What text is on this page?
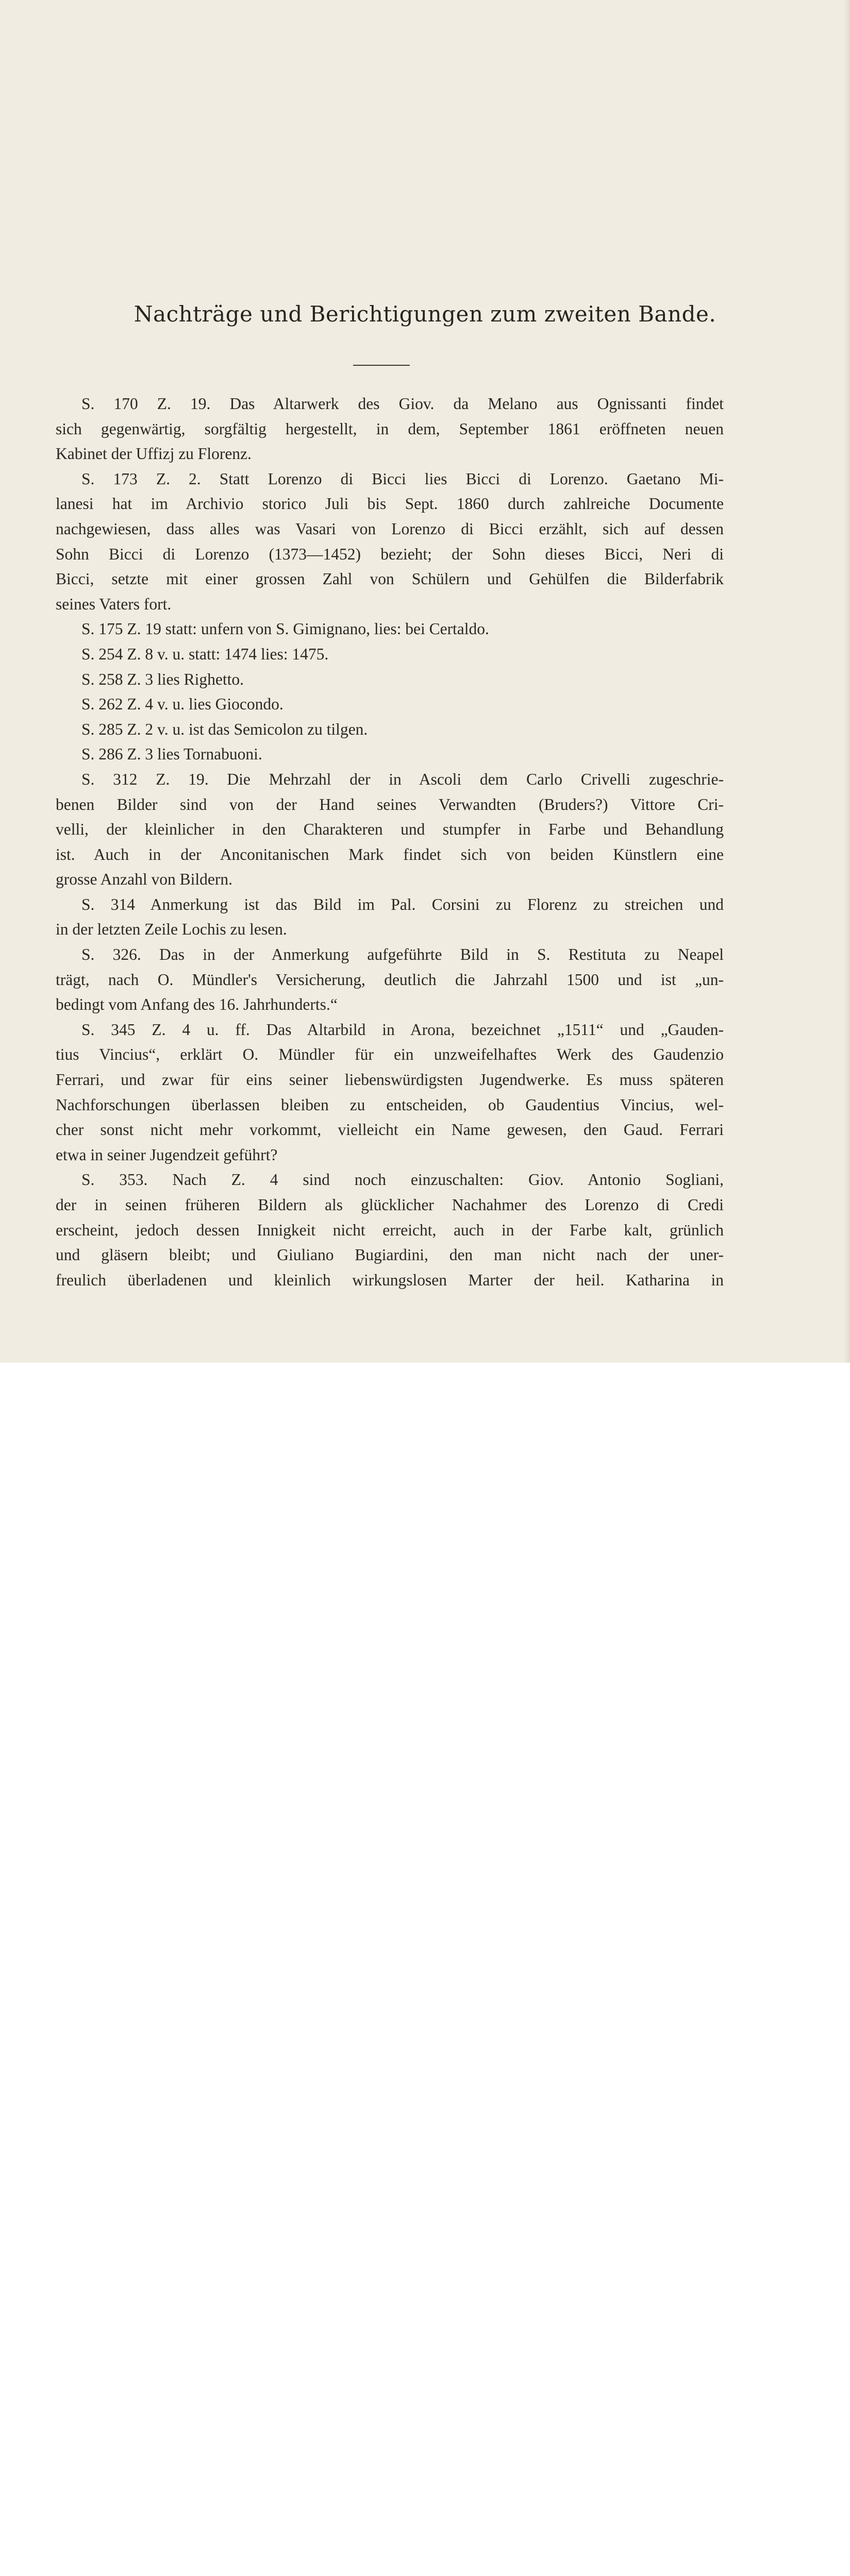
Nachträge und Berichtigungen zum zweiten Bande.
S. 170 Z. 19. Das Altarwerk des Giov. da Melano aus Ognissanti findet
sich gegenwärtig, sorgfältig hergestellt, in dem, September 1861 eröffneten neuen
Kabinet der Uffizj zu Florenz.
S. 173 Z. 2. Statt Lorenzo di Bicci lies Bicci di Lorenzo. Gaetano Mi-
lanesi hat im Archivio storico Juli bis Sept. 1860 durch zahlreiche Documente
nachgewiesen, dass alles was Vasari von Lorenzo di Bicci erzählt, sich auf dessen
Sohn Bicci di Lorenzo (1373—1452) bezieht; der Sohn dieses Bicci, Neri di
Bicci, setzte mit einer grossen Zahl von Schülern und Gehülfen die Bilderfabrik
seines Vaters fort.
S. 175 Z. 19 statt: unfern von S. Gimignano, lies: bei Certaldo.
S. 254 Z. 8 v. u. statt: 1474 lies: 1475.
S. 258 Z. 3 lies Righetto.
S. 262 Z. 4 v. u. lies Giocondo.
S. 285 Z. 2 v. u. ist das Semicolon zu tilgen.
S. 286 Z. 3 lies Tornabuoni.
S. 312 Z. 19. Die Mehrzahl der in Ascoli dem Carlo Crivelli zugeschrie-
benen Bilder sind von der Hand seines Verwandten (Bruders?) Vittore Cri-
velli, der kleinlicher in den Charakteren und stumpfer in Farbe und Behandlung
ist. Auch in der Anconitanischen Mark findet sich von beiden Künstlern eine
grosse Anzahl von Bildern.
S. 314 Anmerkung ist das Bild im Pal. Corsini zu Florenz zu streichen und
in der letzten Zeile Lochis zu lesen.
S. 326. Das in der Anmerkung aufgeführte Bild in S. Restituta zu Neapel
trägt, nach O. Mündler's Versicherung, deutlich die Jahrzahl 1500 und ist „un-
bedingt vom Anfang des 16. Jahrhunderts.“
S. 345 Z. 4 u. ff. Das Altarbild in Arona, bezeichnet „1511“ und „Gauden-
tius Vincius“, erklärt O. Mündler für ein unzweifelhaftes Werk des Gaudenzio
Ferrari, und zwar für eins seiner liebenswürdigsten Jugendwerke. Es muss späteren
Nachforschungen überlassen bleiben zu entscheiden, ob Gaudentius Vincius, wel-
cher sonst nicht mehr vorkommt, vielleicht ein Name gewesen, den Gaud. Ferrari
etwa in seiner Jugendzeit geführt?
S. 353. Nach Z. 4 sind noch einzuschalten: Giov. Antonio Sogliani,
der in seinen früheren Bildern als glücklicher Nachahmer des Lorenzo di Credi
erscheint, jedoch dessen Innigkeit nicht erreicht, auch in der Farbe kalt, grünlich
und gläsern bleibt; und Giuliano Bugiardini, den man nicht nach der uner-
freulich überladenen und kleinlich wirkungslosen Marter der heil. Katharina in
